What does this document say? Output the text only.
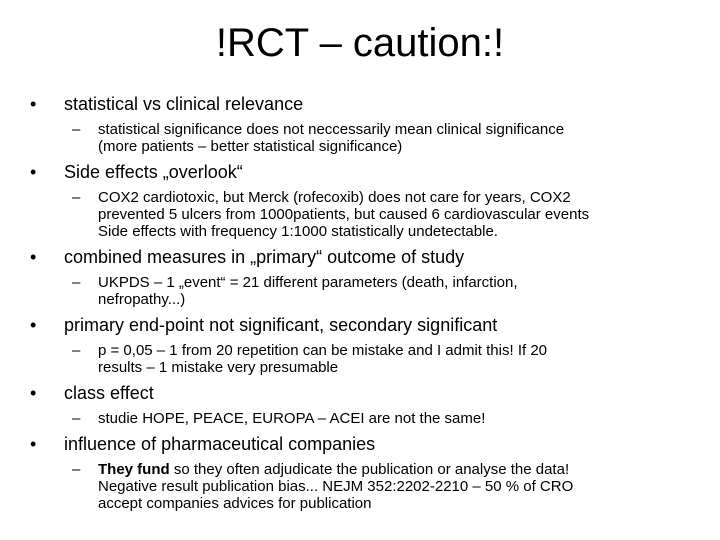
!RCT – caution:!
•	statistical vs clinical relevance
–	statistical significance does not neccessarily mean clinical significance
(more patients – better statistical significance)
•	Side effects „overlook“
–	COX2 cardiotoxic, but Merck (rofecoxib) does not care for years, COX2
prevented 5 ulcers from 1000patients, but caused 6 cardiovascular events
Side effects with frequency 1:1000 statistically undetectable.
•	combined measures in „primary“ outcome of study
–	UKPDS – 1 „event“ = 21 different parameters (death, infarction,
nefropathy...)
•	primary end-point not significant, secondary significant
–	p = 0,05 – 1 from 20 repetition can be mistake and I admit this! If 20
results – 1 mistake very presumable
•	class effect
–	studie HOPE, PEACE, EUROPA – ACEI are not the same!
•	influence of pharmaceutical companies
–	They fund so they often adjudicate the publication or analyse the data!
Negative result publication bias... NEJM 352:2202-2210 – 50 % of CRO
accept companies advices for publication
